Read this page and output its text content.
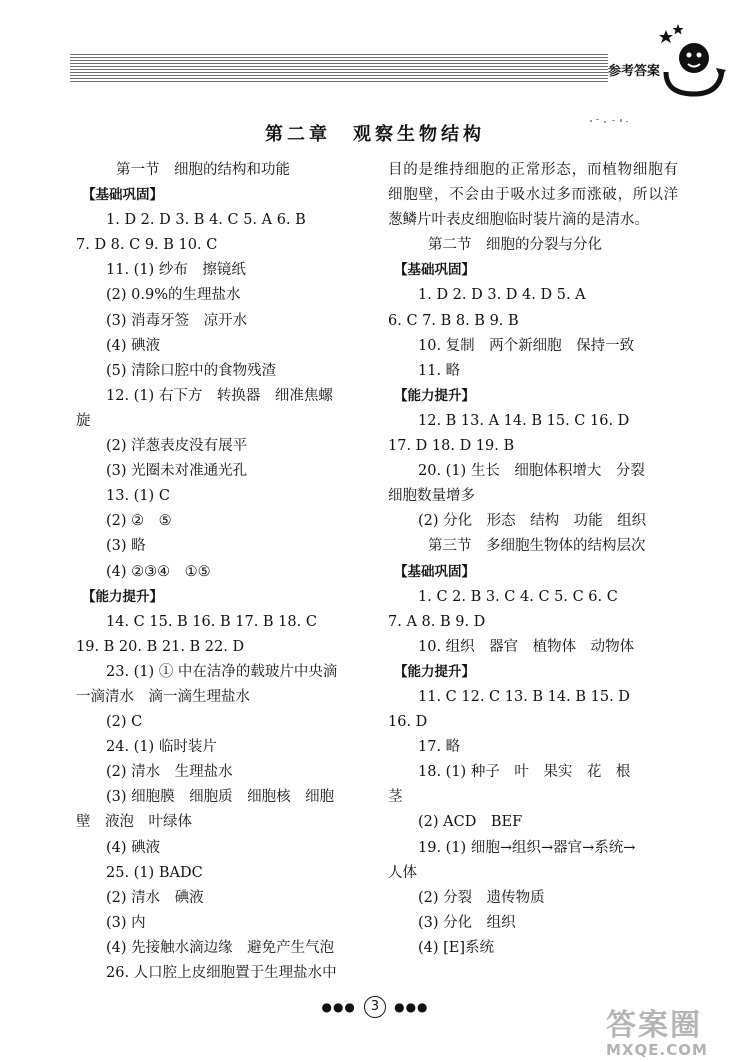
参考答案
第二章　观察生物结构
第一节　细胞的结构和功能
【基础巩固】
1. D 2. D 3. B 4. C 5. A 6. B
7. D 8. C 9. B 10. C
11. (1) 纱布　擦镜纸
(2) 0.9%的生理盐水
(3) 消毒牙签　凉开水
(4) 碘液
(5) 清除口腔中的食物残渣
12. (1) 右下方　转换器　细准焦螺
旋
(2) 洋葱表皮没有展平
(3) 光圈未对准通光孔
13. (1) C
(2) ②　⑤
(3) 略
(4) ②③④　①⑤
【能力提升】
14. C 15. B 16. B 17. B 18. C
19. B 20. B 21. B 22. D
23. (1) ① 中在洁净的载玻片中央滴
一滴清水　滴一滴生理盐水
(2) C
24. (1) 临时装片
(2) 清水　生理盐水
(3) 细胞膜　细胞质　细胞核　细胞
壁　液泡　叶绿体
(4) 碘液
25. (1) BADC
(2) 清水　碘液
(3) 内
(4) 先接触水滴边缘　避免产生气泡
26. 人口腔上皮细胞置于生理盐水中
目的是维持细胞的正常形态，而植物细胞有
细胞壁，不会由于吸水过多而涨破，所以洋
葱鳞片叶表皮细胞临时装片滴的是清水。
第二节　细胞的分裂与分化
【基础巩固】
1. D 2. D 3. D 4. D 5. A
6. C 7. B 8. B 9. B
10. 复制　两个新细胞　保持一致
11. 略
【能力提升】
12. B 13. A 14. B 15. C 16. D
17. D 18. D 19. B
20. (1) 生长　细胞体积增大　分裂
细胞数量增多
(2) 分化　形态　结构　功能　组织
第三节　多细胞生物体的结构层次
【基础巩固】
1. C 2. B 3. C 4. C 5. C 6. C
7. A 8. B 9. D
10. 组织　器官　植物体　动物体
【能力提升】
11. C 12. C 13. B 14. B 15. D
16. D
17. 略
18. (1) 种子　叶　果实　花　根
茎
(2) ACD　BEF
19. (1) 细胞→组织→器官→系统→
人体
(2) 分裂　遗传物质
(3) 分化　组织
(4) [E]系统
●●● 3 ●●●
答案圈
MXQE.COM
